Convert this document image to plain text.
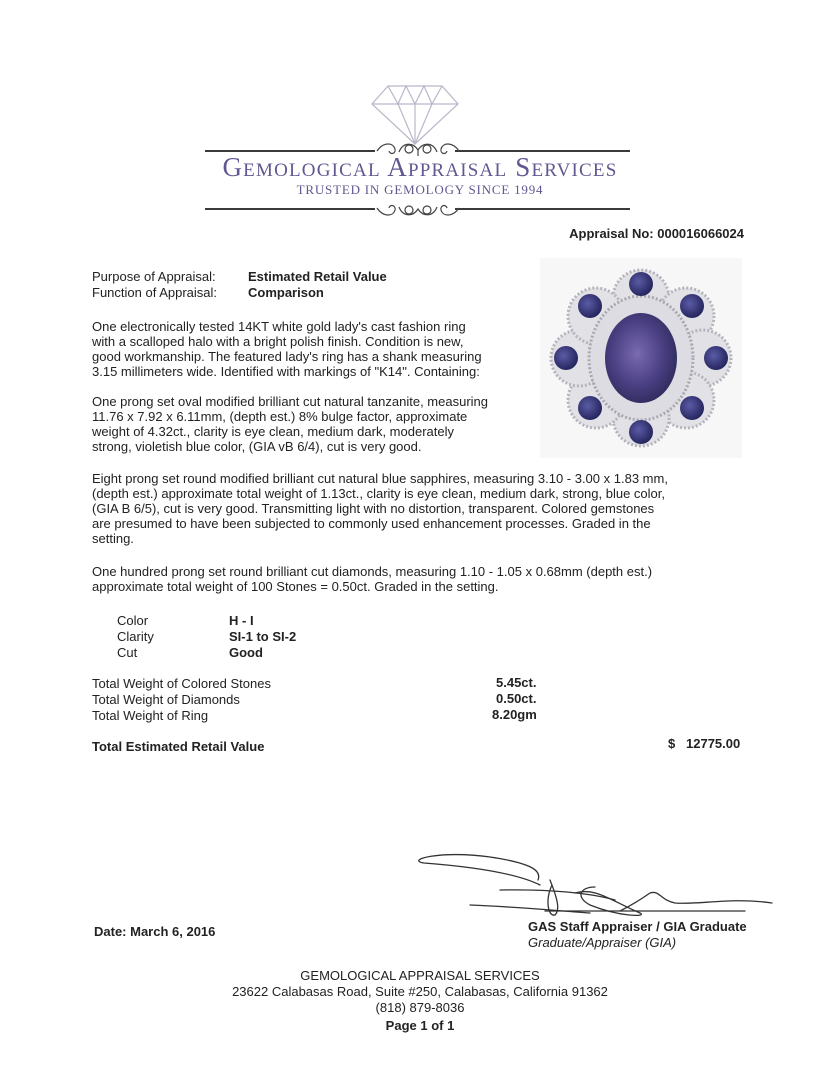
Gemological Appraisal Services
TRUSTED IN GEMOLOGY SINCE 1994
Appraisal No: 000016066024
Purpose of Appraisal: Estimated Retail Value
Function of Appraisal: Comparison
One electronically tested 14KT white gold lady's cast fashion ring
with a scalloped halo with a bright polish finish. Condition is new,
good workmanship. The featured lady's ring has a shank measuring
3.15 millimeters wide. Identified with markings of "K14". Containing:
One prong set oval modified brilliant cut natural tanzanite, measuring
11.76 x 7.92 x 6.11mm, (depth est.) 8% bulge factor, approximate
weight of 4.32ct., clarity is eye clean, medium dark, moderately
strong, violetish blue color, (GIA vB 6/4), cut is very good.
Eight prong set round modified brilliant cut natural blue sapphires, measuring 3.10 - 3.00 x 1.83 mm,
(depth est.) approximate total weight of 1.13ct., clarity is eye clean, medium dark, strong, blue color,
(GIA B 6/5), cut is very good. Transmitting light with no distortion, transparent. Colored gemstones
are presumed to have been subjected to commonly used enhancement processes. Graded in the
setting.
One hundred prong set round brilliant cut diamonds, measuring 1.10 - 1.05 x 0.68mm (depth est.)
approximate total weight of 100 Stones = 0.50ct. Graded in the setting.
Color	H - I
Clarity	SI-1 to SI-2
Cut	Good
Total Weight of Colored Stones	5.45ct.
Total Weight of Diamonds	0.50ct.
Total Weight of Ring	8.20gm
Total Estimated Retail Value	$ 12775.00
GAS Staff Appraiser / GIA Graduate
Graduate/Appraiser (GIA)
Date: March 6, 2016
GEMOLOGICAL APPRAISAL SERVICES
23622 Calabasas Road, Suite #250, Calabasas, California 91362
(818) 879-8036
Page 1 of 1
